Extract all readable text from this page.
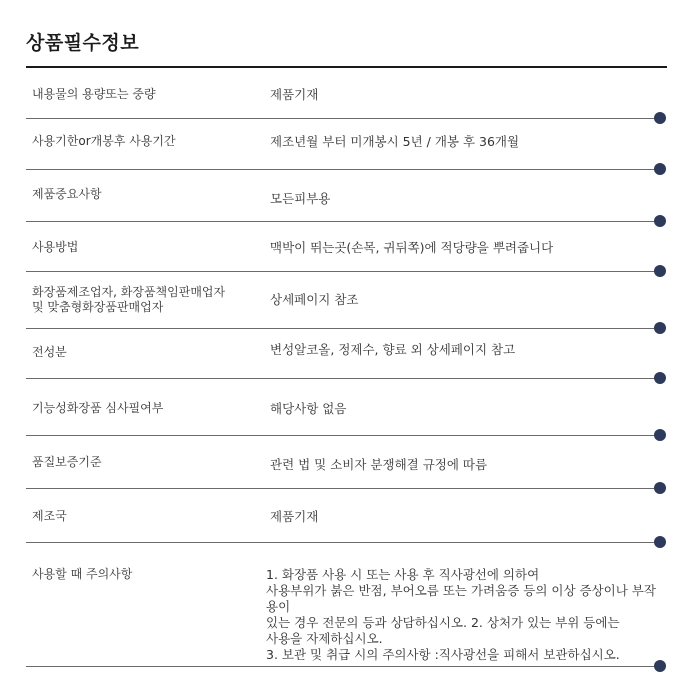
상품필수정보
내용물의 용량또는 중량	제품기재
사용기한or개봉후 사용기간	제조년월 부터 미개봉시 5년 / 개봉 후 36개월
제품중요사항	모든피부용
사용방법	맥박이 뛰는곳(손목, 귀뒤쪽)에 적당량을 뿌려줍니다
화장품제조업자, 화장품책임판매업자
및 맞춤형화장품판매업자	상세페이지 참조
전성분	변성알코올, 정제수, 향료 외 상세페이지 참고
기능성화장품 심사필여부	해당사항 없음
품질보증기준	관련 법 및 소비자 분쟁해결 규정에 따름
제조국	제품기재
사용할 때 주의사항	1. 화장품 사용 시 또는 사용 후 직사광선에 의하여
사용부위가 붉은 반점, 부어오름 또는 가려움증 등의 이상 증상이나 부작용이
있는 경우 전문의 등과 상담하십시오. 2. 상처가 있는 부위 등에는
사용을 자제하십시오.
3. 보관 및 취급 시의 주의사항 :직사광선을 피해서 보관하십시오.
